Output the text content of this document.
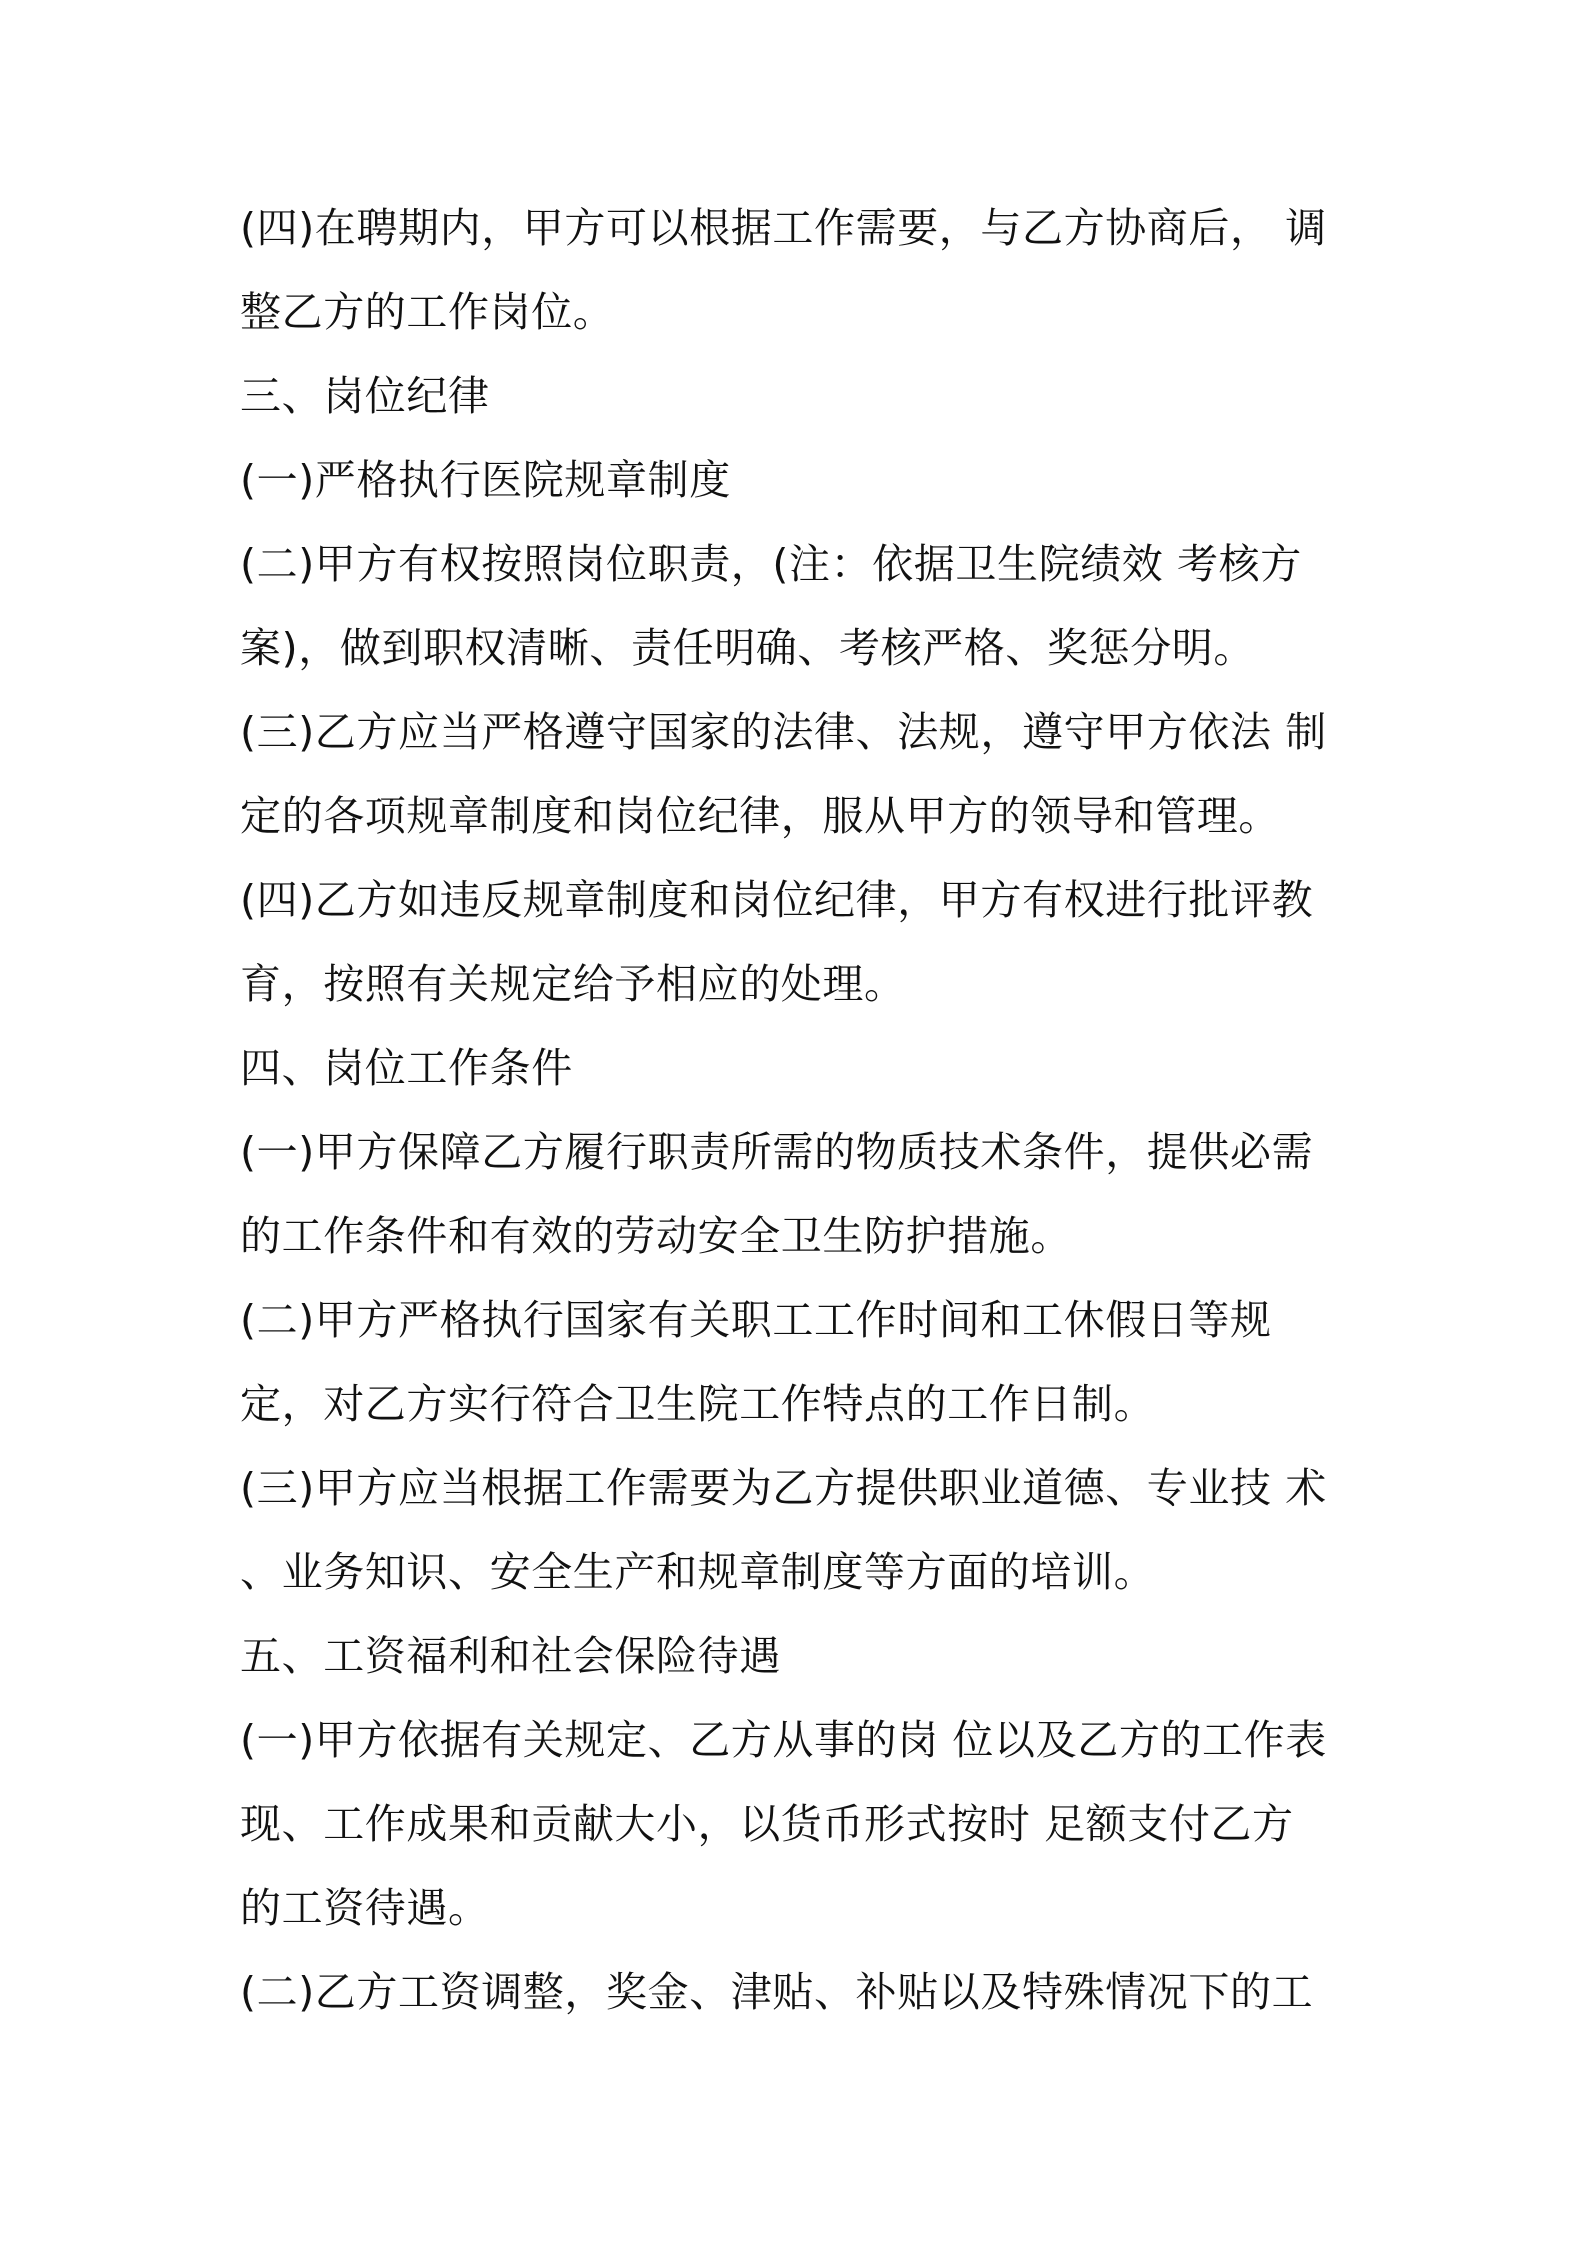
(四)在聘期内，甲方可以根据工作需要，与乙方协商后， 调
整乙方的工作岗位。
三、岗位纪律
(一)严格执行医院规章制度
(二)甲方有权按照岗位职责，(注：依据卫生院绩效 考核方
案)，做到职权清晰、责任明确、考核严格、奖惩分明。
(三)乙方应当严格遵守国家的法律、法规，遵守甲方依法 制
定的各项规章制度和岗位纪律，服从甲方的领导和管理。
(四)乙方如违反规章制度和岗位纪律，甲方有权进行批评教
育，按照有关规定给予相应的处理。
四、岗位工作条件
(一)甲方保障乙方履行职责所需的物质技术条件，提供必需
的工作条件和有效的劳动安全卫生防护措施。
(二)甲方严格执行国家有关职工工作时间和工休假日等规
定，对乙方实行符合卫生院工作特点的工作日制。
(三)甲方应当根据工作需要为乙方提供职业道德、专业技 术
、业务知识、安全生产和规章制度等方面的培训。
五、工资福利和社会保险待遇
(一)甲方依据有关规定、乙方从事的岗 位以及乙方的工作表
现、工作成果和贡献大小，以货币形式按时 足额支付乙方
的工资待遇。
(二)乙方工资调整，奖金、津贴、补贴以及特殊情况下的工
